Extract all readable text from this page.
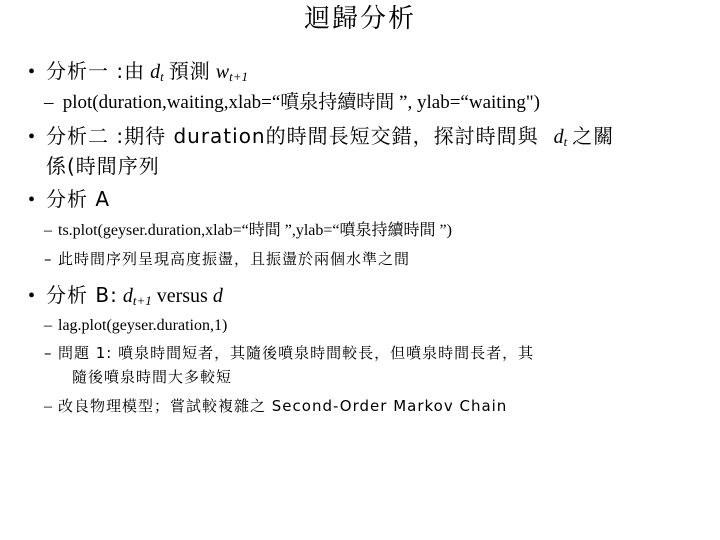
迴歸分析
• 分析一 :由 $d_t$ 預測 $w_{t+1}$
– plot(duration,waiting,xlab=“噴泉持續時間 ”, ylab=“waiting")
• 分析二 :期待 duration的時間長短交錯，探討時間與 $d_t$ 之關
係(時間序列
• 分析 A
– ts.plot(geyser.duration,xlab=“時間 ”,ylab=“噴泉持續時間 ”)
– 此時間序列呈現高度振盪，且振盪於兩個水準之間
• 分析 B: $d_{t+1}$ versus d
– lag.plot(geyser.duration,1)
– 問題 1: 噴泉時間短者，其隨後噴泉時間較長，但噴泉時間長者，其
隨後噴泉時間大多較短
– 改良物理模型；嘗試較複雜之 Second-Order Markov Chain
